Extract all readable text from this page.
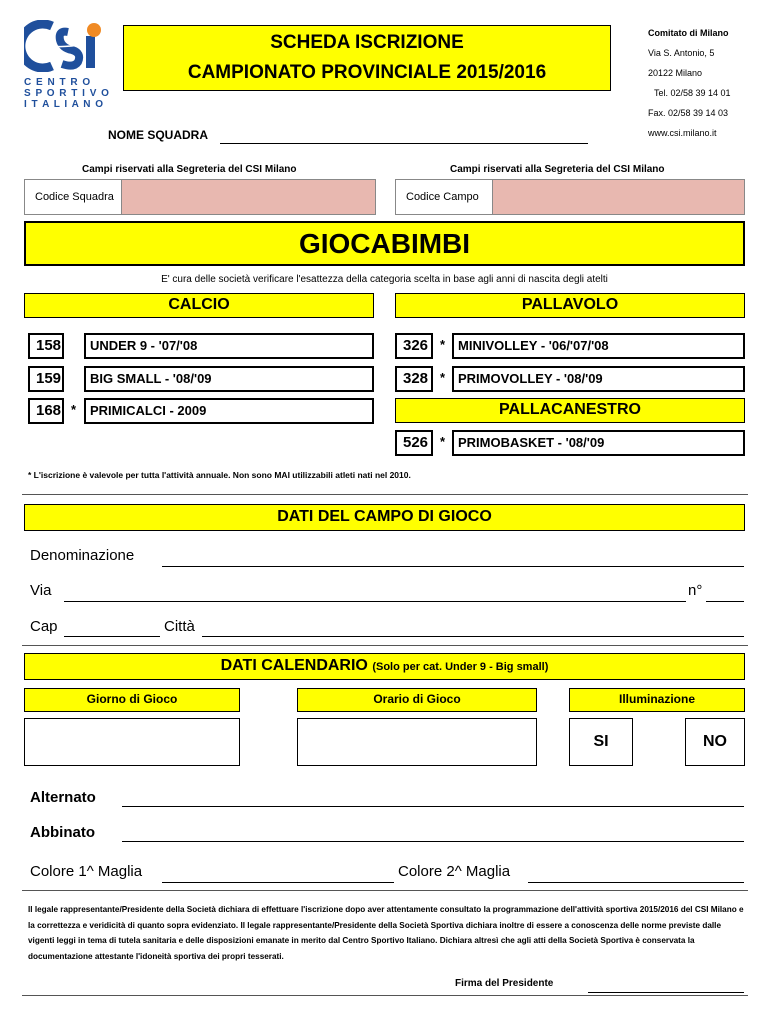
C E N T R O
S P O R T I V O
I T A L I A N O
SCHEDA ISCRIZIONE
CAMPIONATO PROVINCIALE 2015/2016
Comitato di Milano
Via S. Antonio, 5
20122 Milano
Tel. 02/58 39 14 01
Fax. 02/58 39 14 03
www.csi.milano.it
NOME SQUADRA
Campi riservati alla Segreteria del CSI Milano	Campi riservati alla Segreteria del CSI Milano
Codice Squadra	Codice Campo
GIOCABIMBI
E' cura delle società verificare l'esattezza della categoria scelta in base agli anni di nascita degli atelti
CALCIO
158	UNDER 9 - '07/'08
159	BIG SMALL - '08/'09
168 *	PRIMICALCI - 2009
PALLAVOLO
326 * MINIVOLLEY - '06/'07/'08
328 * PRIMOVOLLEY - '08/'09
PALLACANESTRO
526 * PRIMOBASKET - '08/'09
* L'iscrizione è valevole per tutta l'attività annuale. Non sono MAI utilizzabili atleti nati nel 2010.
DATI DEL CAMPO DI GIOCO
Denominazione
Via	n°
Cap	Città
DATI CALENDARIO (Solo per cat. Under 9 - Big small)
Giorno di Gioco	Orario di Gioco	Illuminazione
SI	NO
Alternato
Abbinato
Colore 1^ Maglia	Colore 2^ Maglia
Il legale rappresentante/Presidente della Società dichiara di effettuare l'iscrizione dopo aver attentamente consultato la programmazione dell'attività sportiva 2015/2016 del CSI Milano e la correttezza e veridicità di quanto sopra evidenziato. Il legale rappresentante/Presidente della Società Sportiva dichiara inoltre di essere a conoscenza delle norme previste dalle vigenti leggi in tema di tutela sanitaria e delle disposizioni emanate in merito dal Centro Sportivo Italiano. Dichiara altresì che agli atti della Società Sportiva è conservata la documentazione attestante l'idoneità sportiva dei propri tesserati.
Firma del Presidente
